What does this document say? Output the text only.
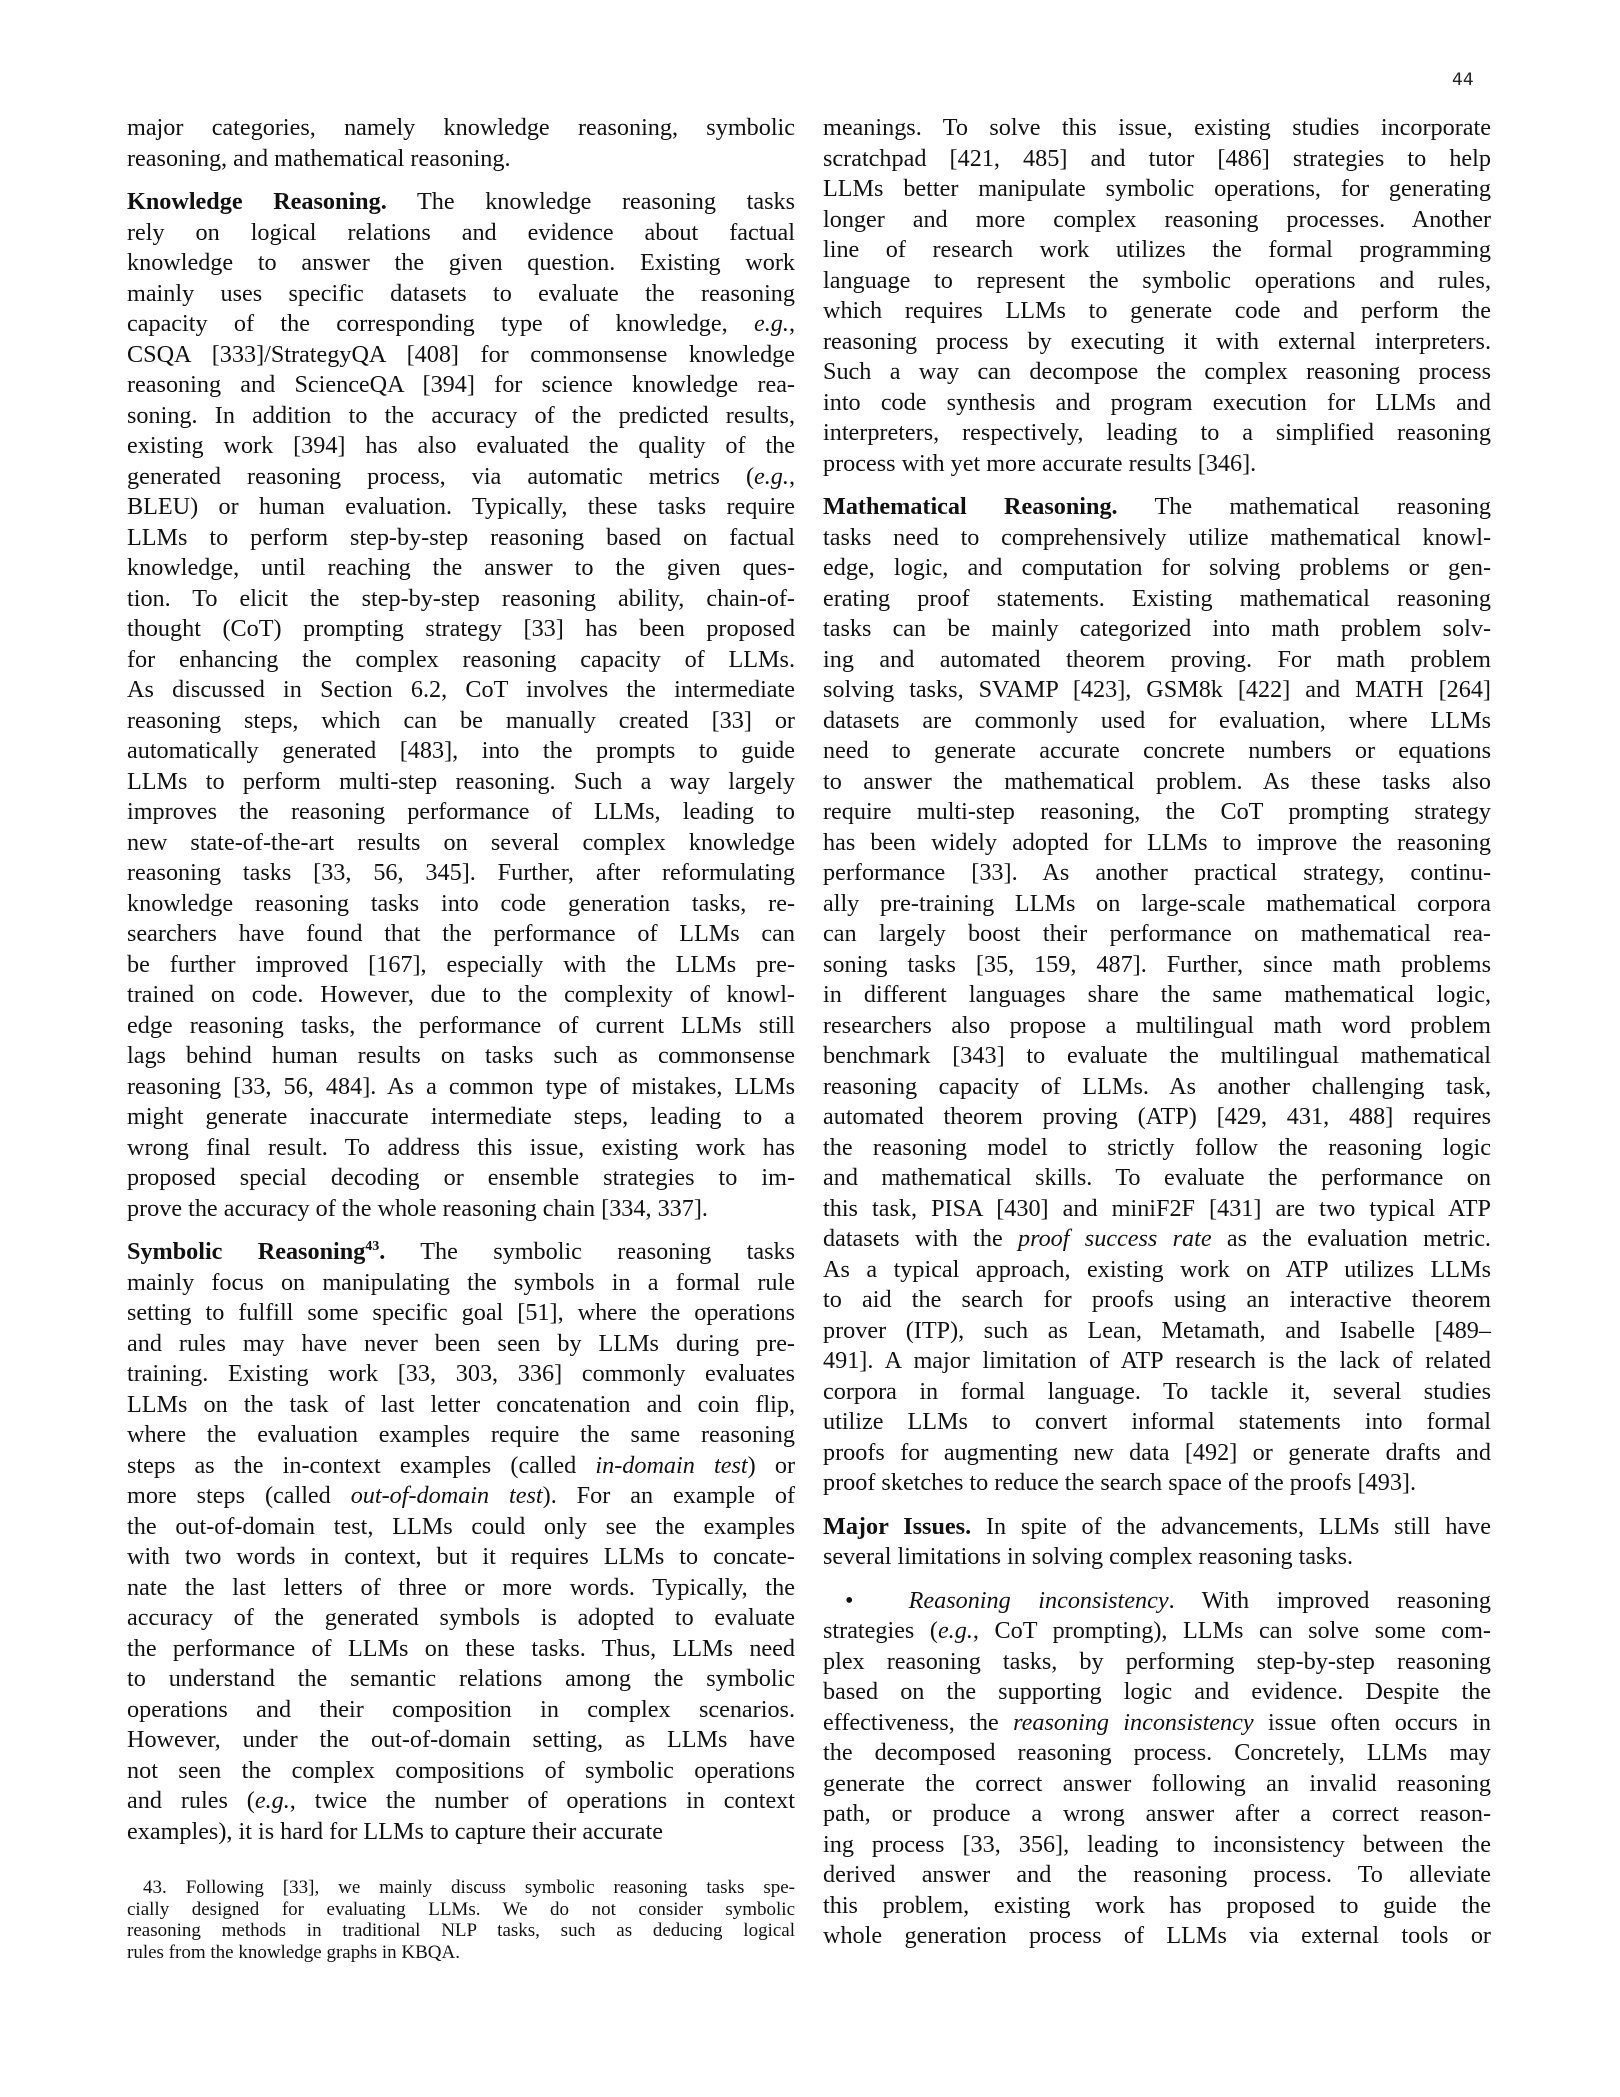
44
major categories, namely knowledge reasoning, symbolic
reasoning, and mathematical reasoning.
Knowledge Reasoning. The knowledge reasoning tasks
rely on logical relations and evidence about factual
knowledge to answer the given question. Existing work
mainly uses specific datasets to evaluate the reasoning
capacity of the corresponding type of knowledge, e.g.,
CSQA [333]/StrategyQA [408] for commonsense knowledge
reasoning and ScienceQA [394] for science knowledge rea-
soning. In addition to the accuracy of the predicted results,
existing work [394] has also evaluated the quality of the
generated reasoning process, via automatic metrics (e.g.,
BLEU) or human evaluation. Typically, these tasks require
LLMs to perform step-by-step reasoning based on factual
knowledge, until reaching the answer to the given ques-
tion. To elicit the step-by-step reasoning ability, chain-of-
thought (CoT) prompting strategy [33] has been proposed
for enhancing the complex reasoning capacity of LLMs.
As discussed in Section 6.2, CoT involves the intermediate
reasoning steps, which can be manually created [33] or
automatically generated [483], into the prompts to guide
LLMs to perform multi-step reasoning. Such a way largely
improves the reasoning performance of LLMs, leading to
new state-of-the-art results on several complex knowledge
reasoning tasks [33, 56, 345]. Further, after reformulating
knowledge reasoning tasks into code generation tasks, re-
searchers have found that the performance of LLMs can
be further improved [167], especially with the LLMs pre-
trained on code. However, due to the complexity of knowl-
edge reasoning tasks, the performance of current LLMs still
lags behind human results on tasks such as commonsense
reasoning [33, 56, 484]. As a common type of mistakes, LLMs
might generate inaccurate intermediate steps, leading to a
wrong final result. To address this issue, existing work has
proposed special decoding or ensemble strategies to im-
prove the accuracy of the whole reasoning chain [334, 337].
Symbolic Reasoning$^{43}$. The symbolic reasoning tasks
mainly focus on manipulating the symbols in a formal rule
setting to fulfill some specific goal [51], where the operations
and rules may have never been seen by LLMs during pre-
training. Existing work [33, 303, 336] commonly evaluates
LLMs on the task of last letter concatenation and coin flip,
where the evaluation examples require the same reasoning
steps as the in-context examples (called in-domain test) or
more steps (called out-of-domain test). For an example of
the out-of-domain test, LLMs could only see the examples
with two words in context, but it requires LLMs to concate-
nate the last letters of three or more words. Typically, the
accuracy of the generated symbols is adopted to evaluate
the performance of LLMs on these tasks. Thus, LLMs need
to understand the semantic relations among the symbolic
operations and their composition in complex scenarios.
However, under the out-of-domain setting, as LLMs have
not seen the complex compositions of symbolic operations
and rules (e.g., twice the number of operations in context
examples), it is hard for LLMs to capture their accurate
meanings. To solve this issue, existing studies incorporate
scratchpad [421, 485] and tutor [486] strategies to help
LLMs better manipulate symbolic operations, for generating
longer and more complex reasoning processes. Another
line of research work utilizes the formal programming
language to represent the symbolic operations and rules,
which requires LLMs to generate code and perform the
reasoning process by executing it with external interpreters.
Such a way can decompose the complex reasoning process
into code synthesis and program execution for LLMs and
interpreters, respectively, leading to a simplified reasoning
process with yet more accurate results [346].
Mathematical Reasoning. The mathematical reasoning
tasks need to comprehensively utilize mathematical knowl-
edge, logic, and computation for solving problems or gen-
erating proof statements. Existing mathematical reasoning
tasks can be mainly categorized into math problem solv-
ing and automated theorem proving. For math problem
solving tasks, SVAMP [423], GSM8k [422] and MATH [264]
datasets are commonly used for evaluation, where LLMs
need to generate accurate concrete numbers or equations
to answer the mathematical problem. As these tasks also
require multi-step reasoning, the CoT prompting strategy
has been widely adopted for LLMs to improve the reasoning
performance [33]. As another practical strategy, continu-
ally pre-training LLMs on large-scale mathematical corpora
can largely boost their performance on mathematical rea-
soning tasks [35, 159, 487]. Further, since math problems
in different languages share the same mathematical logic,
researchers also propose a multilingual math word problem
benchmark [343] to evaluate the multilingual mathematical
reasoning capacity of LLMs. As another challenging task,
automated theorem proving (ATP) [429, 431, 488] requires
the reasoning model to strictly follow the reasoning logic
and mathematical skills. To evaluate the performance on
this task, PISA [430] and miniF2F [431] are two typical ATP
datasets with the proof success rate as the evaluation metric.
As a typical approach, existing work on ATP utilizes LLMs
to aid the search for proofs using an interactive theorem
prover (ITP), such as Lean, Metamath, and Isabelle [489–
491]. A major limitation of ATP research is the lack of related
corpora in formal language. To tackle it, several studies
utilize LLMs to convert informal statements into formal
proofs for augmenting new data [492] or generate drafts and
proof sketches to reduce the search space of the proofs [493].
Major Issues. In spite of the advancements, LLMs still have
several limitations in solving complex reasoning tasks.
• Reasoning inconsistency. With improved reasoning
strategies (e.g., CoT prompting), LLMs can solve some com-
plex reasoning tasks, by performing step-by-step reasoning
based on the supporting logic and evidence. Despite the
effectiveness, the reasoning inconsistency issue often occurs in
the decomposed reasoning process. Concretely, LLMs may
generate the correct answer following an invalid reasoning
path, or produce a wrong answer after a correct reason-
ing process [33, 356], leading to inconsistency between the
derived answer and the reasoning process. To alleviate
this problem, existing work has proposed to guide the
whole generation process of LLMs via external tools or
43. Following [33], we mainly discuss symbolic reasoning tasks spe-
cially designed for evaluating LLMs. We do not consider symbolic
reasoning methods in traditional NLP tasks, such as deducing logical
rules from the knowledge graphs in KBQA.
